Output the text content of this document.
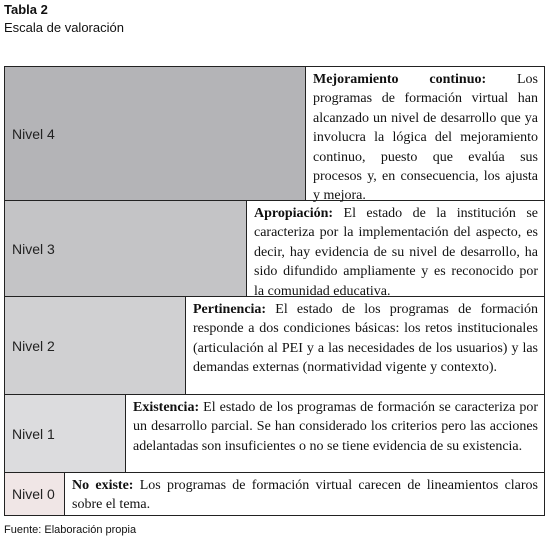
Tabla 2
Escala de valoración
Nivel 4
Mejoramiento continuo: Los programas de formación virtual han alcanzado un nivel de desarrollo que ya involucra la lógica del mejoramiento continuo, puesto que evalúa sus procesos y, en consecuencia, los ajusta y mejora.
Nivel 3
Apropiación: El estado de la institución se caracteriza por la implementación del aspecto, es decir, hay evidencia de su nivel de desarrollo, ha sido difundido ampliamente y es reconocido por la comunidad educativa.
Nivel 2
Pertinencia: El estado de los programas de formación responde a dos condiciones básicas: los retos institucionales (articulación al PEI y a las necesidades de los usuarios) y las demandas externas (normatividad vigente y contexto).
Nivel 1
Existencia: El estado de los programas de formación se caracteriza por un desarrollo parcial. Se han considerado los criterios pero las acciones adelantadas son insuficientes o no se tiene evidencia de su existencia.
Nivel 0
No existe: Los programas de formación virtual carecen de lineamientos claros sobre el tema.
Fuente: Elaboración propia
